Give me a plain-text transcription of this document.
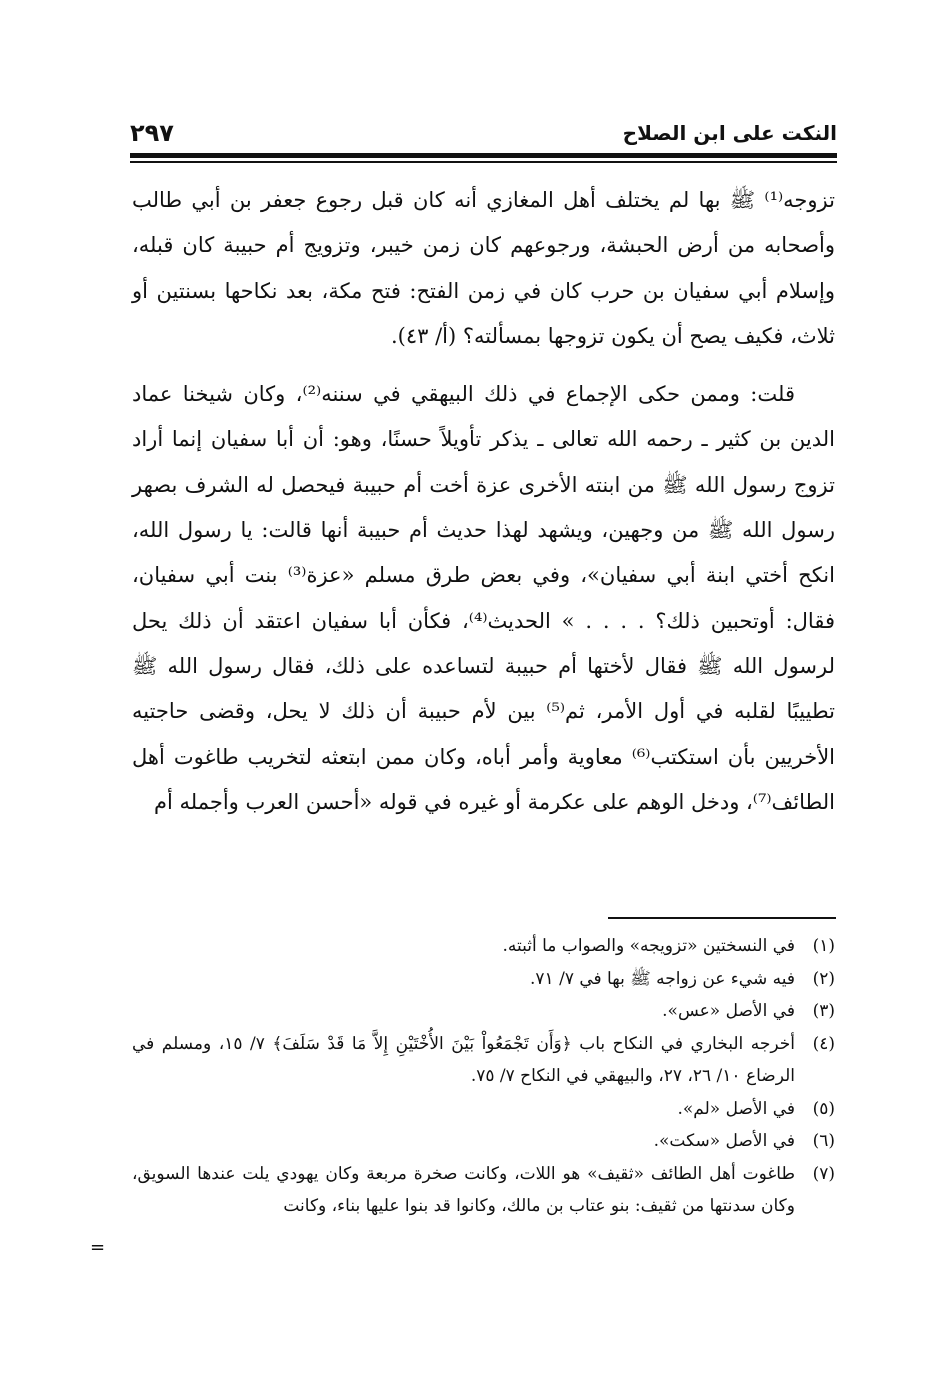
النكت على ابن الصلاح
٢٩٧

تزوجه⁽¹⁾ ﷺ بها لم يختلف أهل المغازي أنه كان قبل رجوع جعفر بن أبي طالب وأصحابه من أرض الحبشة، ورجوعهم كان زمن خيبر، وتزويج أم حبيبة كان قبله، وإسلام أبي سفيان بن حرب كان في زمن الفتح: فتح مكة، بعد نكاحها بسنتين أو ثلاث، فكيف يصح أن يكون تزوجها بمسألته؟ (أ/ ٤٣).

قلت: وممن حكى الإجماع في ذلك البيهقي في سننه⁽²⁾، وكان شيخنا عماد الدين بن كثير ـ رحمه الله تعالى ـ يذكر تأويلاً حسنًا، وهو: أن أبا سفيان إنما أراد تزوج رسول الله ﷺ من ابنته الأخرى عزة أخت أم حبيبة فيحصل له الشرف بصهر رسول الله ﷺ من وجهين، ويشهد لهذا حديث أم حبيبة أنها قالت: يا رسول الله، انكح أختي ابنة أبي سفيان»، وفي بعض طرق مسلم «عزة⁽³⁾ بنت أبي سفيان، فقال: أوتحبين ذلك؟ . . . . » الحديث⁽⁴⁾، فكأن أبا سفيان اعتقد أن ذلك يحل لرسول الله ﷺ فقال لأختها أم حبيبة لتساعده على ذلك، فقال رسول الله ﷺ تطييبًا لقلبه في أول الأمر، ثم⁽⁵⁾ بين لأم حبيبة أن ذلك لا يحل، وقضى حاجتيه الأخريين بأن استكتب⁽⁶⁾ معاوية وأمر أباه، وكان ممن ابتعثه لتخريب طاغوت أهل الطائف⁽⁷⁾، ودخل الوهم على عكرمة أو غيره في قوله «أحسن العرب وأجمله أم

(١)
في النسختين «تزويجه» والصواب ما أثبته.
(٢)
فيه شيء عن زواجه ﷺ بها في ٧/ ٧١.
(٣)
في الأصل «عس».
(٤)
أخرجه البخاري في النكاح باب ﴿وَأَن تَجْمَعُواْ بَيْنَ الأُخْتَيْنِ إِلاَّ مَا قَدْ سَلَفَ﴾ ٧/ ١٥، ومسلم في الرضاع ١٠/ ٢٦، ٢٧، والبيهقي في النكاح ٧/ ٧٥.
(٥)
في الأصل «لم».
(٦)
في الأصل «سكت».
(٧)
طاغوت أهل الطائف «ثقيف» هو اللات، وكانت صخرة مربعة وكان يهودي يلت عندها السويق، وكان سدنتها من ثقيف: بنو عتاب بن مالك، وكانوا قد بنوا عليها بناء، وكانت
=
